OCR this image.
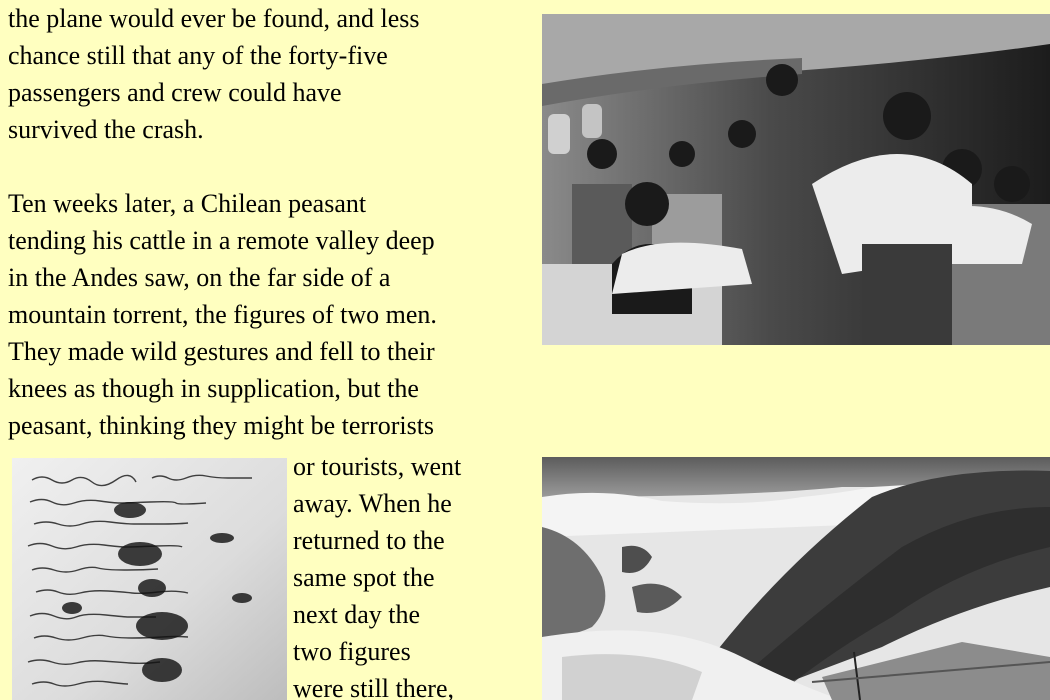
the plane would ever be found, and less
chance still that any of the forty-five
passengers and crew could have
survived the crash.
Ten weeks later, a Chilean peasant
tending his cattle in a remote valley deep
in the Andes saw, on the far side of a
mountain torrent, the figures of two men.
They made wild gestures and fell to their
knees as though in supplication, but the
peasant, thinking they might be terrorists
or tourists, went
away. When he
returned to the
same spot the
next day the
two figures
were still there,
